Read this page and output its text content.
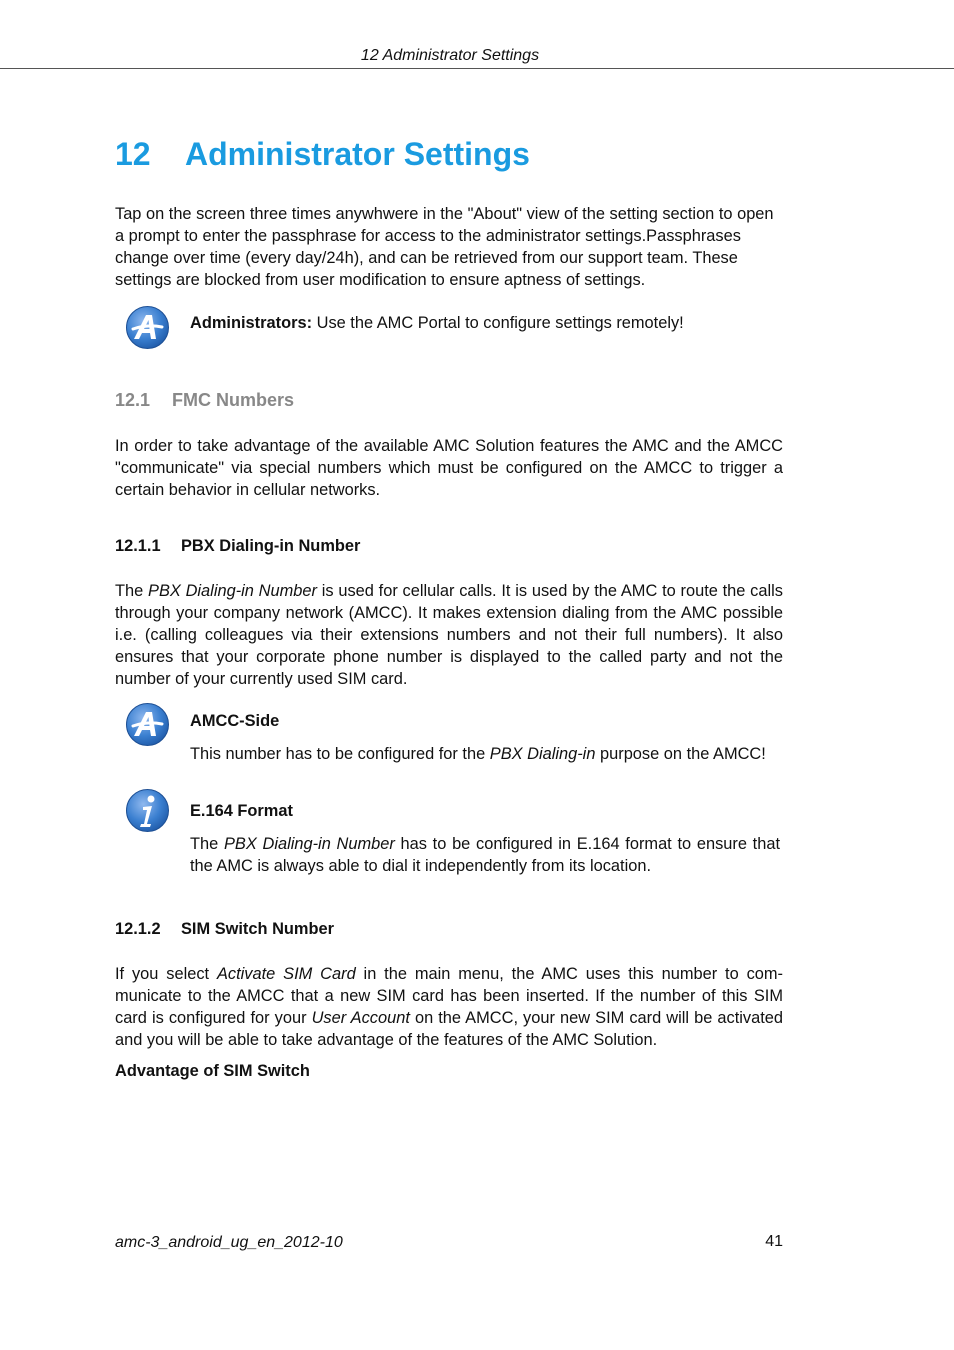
12 Administrator Settings
12 Administrator Settings

Tap on the screen three times anywhwere in the "About" view of the setting section to open a prompt to enter the passphrase for access to the administrator settings.Passphrases change over time (every day/24h), and can be retrieved from our support team. These settings are blocked from user modification to ensure aptness of settings.

Administrators: Use the AMC Portal to configure settings remotely!

12.1 FMC Numbers

In order to take advantage of the available AMC Solution features the AMC and the AMCC "communicate" via special numbers which must be configured on the AMCC to trigger a certain behavior in cellular networks.

12.1.1 PBX Dialing-in Number

The PBX Dialing-in Number is used for cellular calls. It is used by the AMC to route the calls through your company network (AMCC). It makes extension dialing from the AMC possible i.e. (calling colleagues via their extensions numbers and not their full numbers). It also ensures that your corporate phone number is displayed to the called party and not the number of your currently used SIM card.

AMCC-Side

This number has to be configured for the PBX Dialing-in purpose on the AMCC!

E.164 Format

The PBX Dialing-in Number has to be configured in E.164 format to ensure that the AMC is always able to dial it independently from its location.

12.1.2 SIM Switch Number

If you select Activate SIM Card in the main menu, the AMC uses this number to com- municate to the AMCC that a new SIM card has been inserted. If the number of this SIM card is configured for your User Account on the AMCC, your new SIM card will be activated and you will be able to take advantage of the features of the AMC Solution.

Advantage of SIM Switch

amc-3_android_ug_en_2012-10	41
